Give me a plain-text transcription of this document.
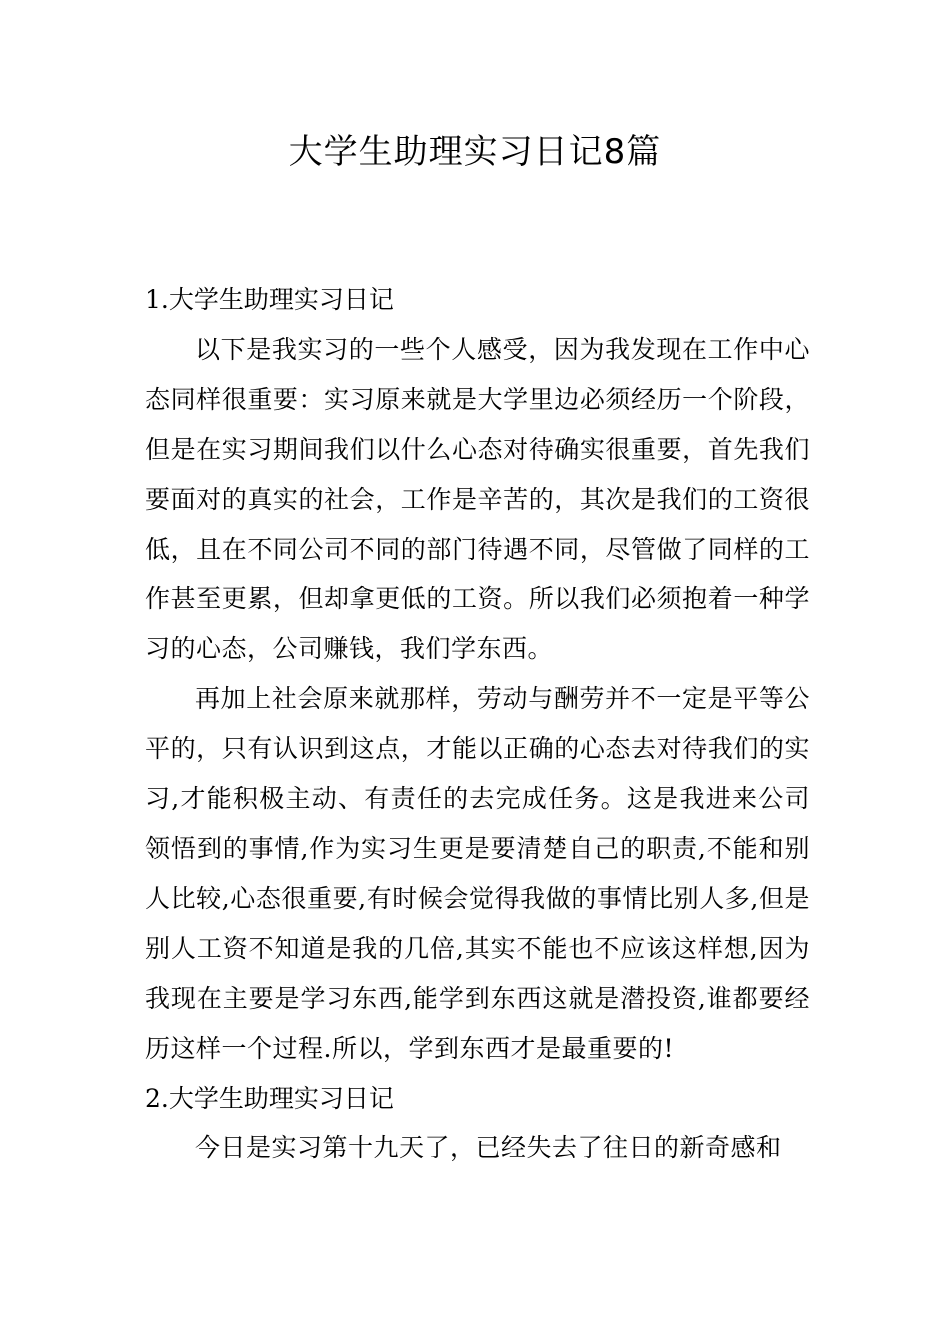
大学生助理实习日记8篇
1.大学生助理实习日记

以下是我实习的一些个人感受，因为我发现在工作中心态同样很重要：实习原来就是大学里边必须经历一个阶段，但是在实习期间我们以什么心态对待确实很重要，首先我们要面对的真实的社会，工作是辛苦的，其次是我们的工资很低，且在不同公司不同的部门待遇不同，尽管做了同样的工作甚至更累，但却拿更低的工资。所以我们必须抱着一种学习的心态，公司赚钱，我们学东西。

再加上社会原来就那样，劳动与酬劳并不一定是平等公平的，只有认识到这点，才能以正确的心态去对待我们的实习,才能积极主动、有责任的去完成任务。这是我进来公司领悟到的事情,作为实习生更是要清楚自己的职责,不能和别人比较,心态很重要,有时候会觉得我做的事情比别人多,但是别人工资不知道是我的几倍,其实不能也不应该这样想,因为我现在主要是学习东西,能学到东西这就是潜投资,谁都要经历这样一个过程.所以，学到东西才是最重要的!

2.大学生助理实习日记

今日是实习第十九天了，已经失去了往日的新奇感和
